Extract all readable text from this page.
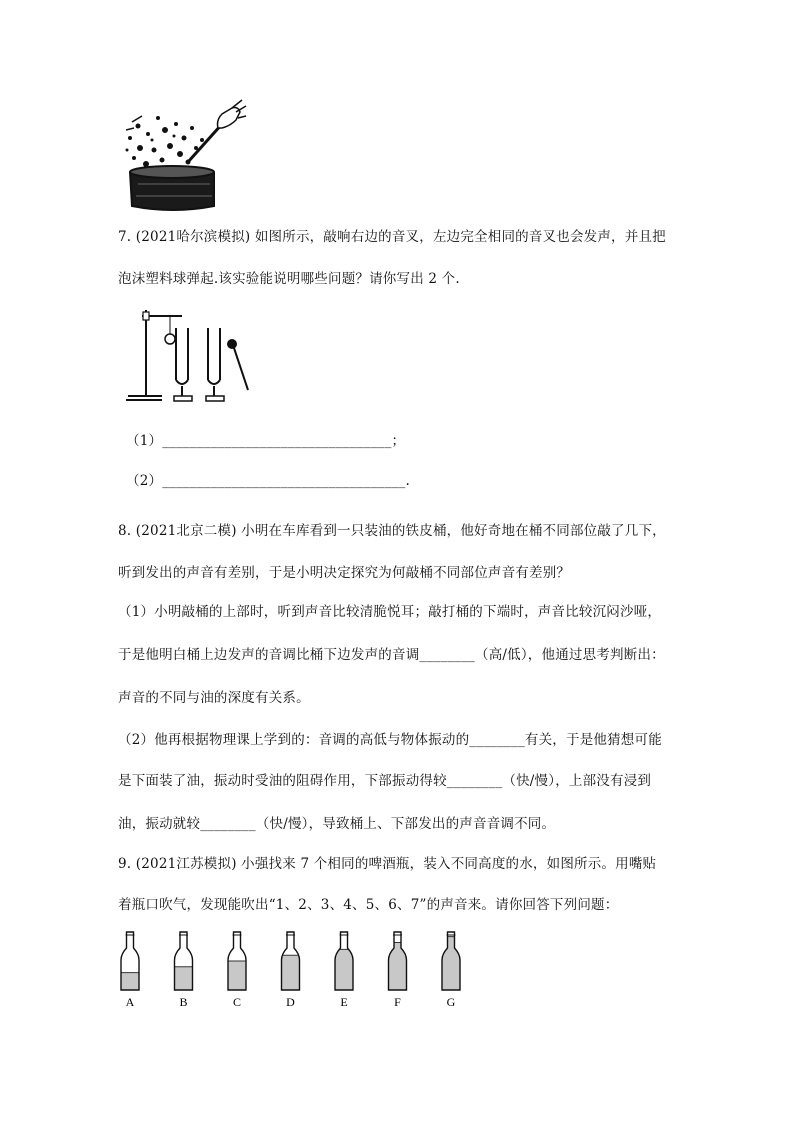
7. (2021哈尔滨模拟) 如图所示，敲响右边的音叉，左边完全相同的音叉也会发声，并且把
泡沫塑料球弹起.该实验能说明哪些问题？请你写出 2 个.
（1）_________________________________；
（2）___________________________________.
8. (2021北京二模) 小明在车库看到一只装油的铁皮桶，他好奇地在桶不同部位敲了几下，
听到发出的声音有差别，于是小明决定探究为何敲桶不同部位声音有差别？
（1）小明敲桶的上部时，听到声音比较清脆悦耳；敲打桶的下端时，声音比较沉闷沙哑，
于是他明白桶上边发声的音调比桶下边发声的音调________（高/低），他通过思考判断出：
声音的不同与油的深度有关系。
（2）他再根据物理课上学到的：音调的高低与物体振动的________有关，于是他猜想可能
是下面装了油，振动时受油的阻碍作用，下部振动得较________（快/慢），上部没有浸到
油，振动就较________（快/慢），导致桶上、下部发出的声音音调不同。
9. (2021江苏模拟) 小强找来 7 个相同的啤酒瓶，装入不同高度的水，如图所示。用嘴贴
着瓶口吹气，发现能吹出“1、2、3、4、5、6、7”的声音来。请你回答下列问题：
A	B	C	D	E	F	G
